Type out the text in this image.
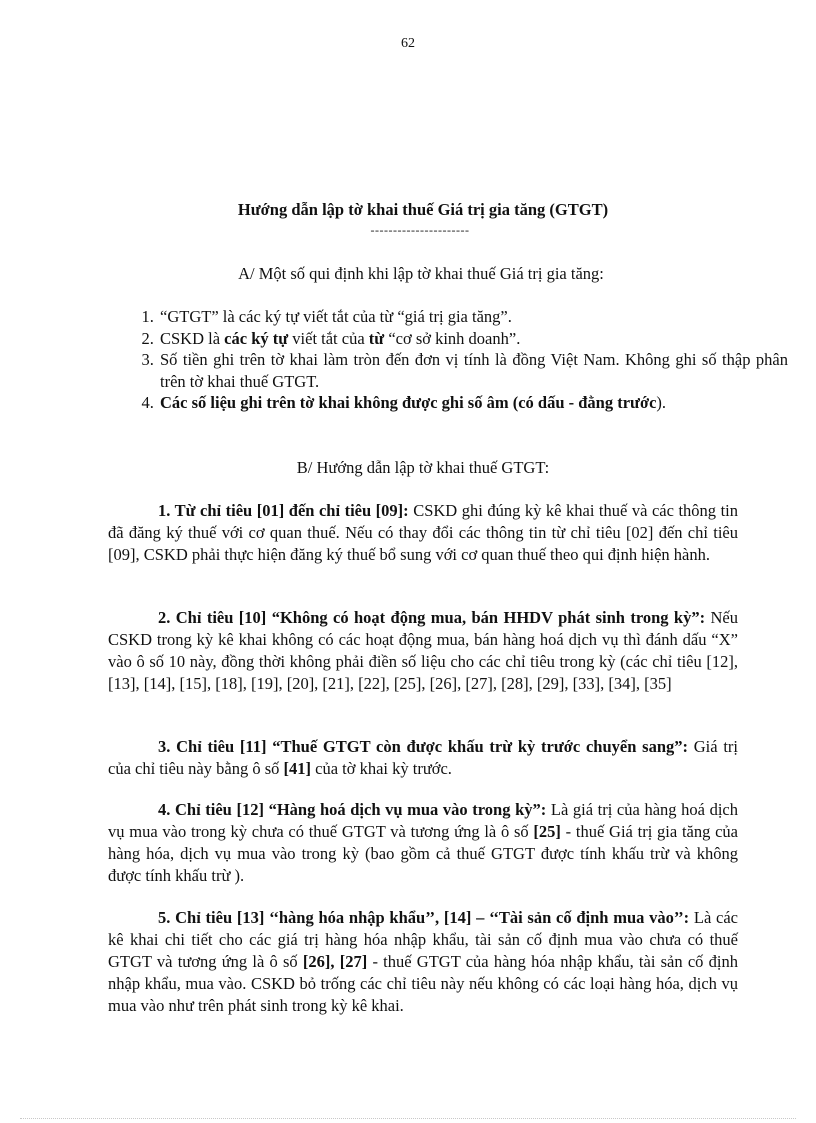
62
Hướng dẫn lập tờ khai thuế Giá trị gia tăng (GTGT)
----------------------
A/ Một số qui định khi lập tờ khai thuế Giá trị gia tăng:
1. “GTGT” là các ký tự viết tắt của từ “giá trị gia tăng”.
2. CSKD là các ký tự viết tắt của từ “cơ sở kinh doanh”.
3. Số tiền ghi trên tờ khai làm tròn đến đơn vị tính là đồng Việt Nam. Không ghi số thập phân trên tờ khai thuế GTGT.
4. Các số liệu ghi trên tờ khai không được ghi số âm (có dấu - đằng trước).
B/ Hướng dẫn lập tờ khai thuế GTGT:

1. Từ chỉ tiêu [01] đến chỉ tiêu [09]: CSKD ghi đúng kỳ kê khai thuế và các thông tin đã đăng ký thuế với cơ quan thuế. Nếu có thay đổi các thông tin từ chỉ tiêu [02] đến chỉ tiêu [09], CSKD phải thực hiện đăng ký thuế bổ sung với cơ quan thuế theo qui định hiện hành.

2. Chỉ tiêu [10] “Không có hoạt động mua, bán HHDV phát sinh trong kỳ”: Nếu CSKD trong kỳ kê khai không có các hoạt động mua, bán hàng hoá dịch vụ thì đánh dấu “X” vào ô số 10 này, đồng thời không phải điền số liệu cho các chỉ tiêu trong kỳ (các chỉ tiêu [12], [13], [14], [15], [18], [19], [20], [21], [22], [25], [26], [27], [28], [29], [33], [34], [35]

3. Chỉ tiêu [11] “Thuế GTGT còn được khấu trừ kỳ trước chuyển sang”: Giá trị của chỉ tiêu này bằng ô số [41] của tờ khai kỳ trước.

4. Chỉ tiêu [12] “Hàng hoá dịch vụ mua vào trong kỳ”: Là giá trị của hàng hoá dịch vụ mua vào trong kỳ chưa có thuế GTGT và tương ứng là ô số [25] - thuế Giá trị gia tăng của hàng hóa, dịch vụ mua vào trong kỳ (bao gồm cả thuế GTGT được tính khấu trừ và không được tính khấu trừ ).

5. Chỉ tiêu [13] ‘‘hàng hóa nhập khẩu’’, [14] – ‘‘Tài sản cố định mua vào’’: Là các kê khai chi tiết cho các giá trị hàng hóa nhập khẩu, tài sản cố định mua vào chưa có thuế GTGT và tương ứng là ô số [26], [27] - thuế GTGT của hàng hóa nhập khẩu, tài sản cố định nhập khẩu, mua vào. CSKD bỏ trống các chỉ tiêu này nếu không có các loại hàng hóa, dịch vụ mua vào như trên phát sinh trong kỳ kê khai.
